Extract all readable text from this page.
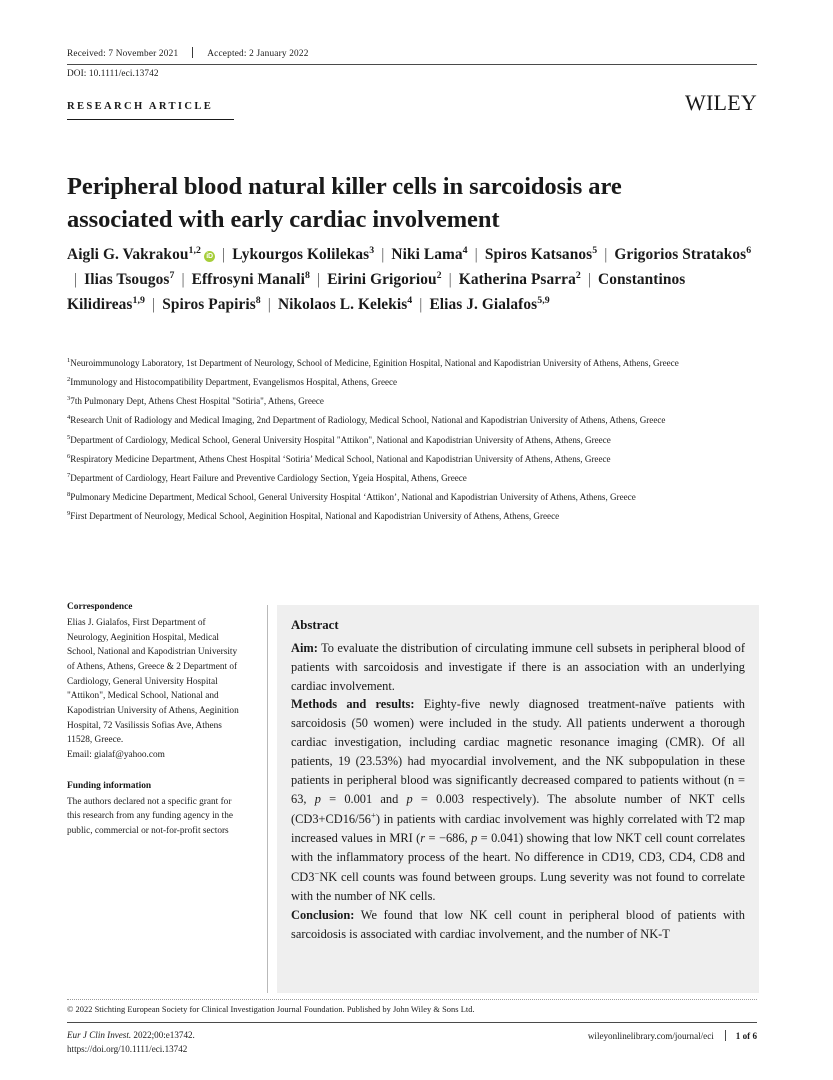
Received: 7 November 2021	Accepted: 2 January 2022
DOI: 10.1111/eci.13742
RESEARCH ARTICLE	WILEY
Peripheral blood natural killer cells in sarcoidosis are associated with early cardiac involvement
Aigli G. Vakrakou$^{1,2}$iD | Lykourgos Kolilekas$^3$ | Niki Lama$^4$ | Spiros Katsanos$^5$ | Grigorios Stratakos$^6$| Ilias Tsougos$^7$ | Effrosyni Manali$^8$ | Eirini Grigoriou$^2$ | Katherina Psarra$^2$ | Constantinos Kilidireas$^{1,9}$ | Spiros Papiris$^8$ | Nikolaos L. Kelekis$^4$ | Elias J. Gialafos$^{5,9}$
$^1$Neuroimmunology Laboratory, 1st Department of Neurology, School of Medicine, Eginition Hospital, National and Kapodistrian University of Athens, Athens, Greece
$^2$Immunology and Histocompatibility Department, Evangelismos Hospital, Athens, Greece
$^3$7th Pulmonary Dept, Athens Chest Hospital "Sotiria", Athens, Greece
$^4$Research Unit of Radiology and Medical Imaging, 2nd Department of Radiology, Medical School, National and Kapodistrian University of Athens, Athens, Greece
$^5$Department of Cardiology, Medical School, General University Hospital "Attikon", National and Kapodistrian University of Athens, Athens, Greece
$^6$Respiratory Medicine Department, Athens Chest Hospital ‘Sotiria’ Medical School, National and Kapodistrian University of Athens, Athens, Greece
$^7$Department of Cardiology, Heart Failure and Preventive Cardiology Section, Ygeia Hospital, Athens, Greece
$^8$Pulmonary Medicine Department, Medical School, General University Hospital ‘Attikon’, National and Kapodistrian University of Athens, Athens, Greece
$^9$First Department of Neurology, Medical School, Aeginition Hospital, National and Kapodistrian University of Athens, Athens, Greece
Correspondence
Elias J. Gialafos, First Department of Neurology, Aeginition Hospital, Medical School, National and Kapodistrian University of Athens, Athens, Greece & 2 Department of Cardiology, General University Hospital "Attikon", Medical School, National and Kapodistrian University of Athens, Aeginition Hospital, 72 Vasilissis Sofias Ave, Athens 11528, Greece.
Email: gialaf@yahoo.com
Funding information
The authors declared not a specific grant for this research from any funding agency in the public, commercial or not-for-profit sectors
Abstract

Aim: To evaluate the distribution of circulating immune cell subsets in peripheral blood of patients with sarcoidosis and investigate if there is an association with an underlying cardiac involvement.
Methods and results: Eighty-five newly diagnosed treatment-naïve patients with sarcoidosis (50 women) were included in the study. All patients underwent a thorough cardiac investigation, including cardiac magnetic resonance imaging (CMR). Of all patients, 19 (23.53%) had myocardial involvement, and the NK subpopulation in these patients in peripheral blood was significantly decreased compared to patients without (n = 63, p = 0.001 and p = 0.003 respectively). The absolute number of NKT cells (CD3+CD16/56+) in patients with cardiac involvement was highly correlated with T2 map increased values in MRI (r = −686, p = 0.041) showing that low NKT cell count correlates with the inflammatory process of the heart. No difference in CD19, CD3, CD4, CD8 and CD3−NK cell counts was found between groups. Lung severity was not found to correlate with the number of NK cells.
Conclusion: We found that low NK cell count in peripheral blood of patients with sarcoidosis is associated with cardiac involvement, and the number of NK-T

© 2022 Stichting European Society for Clinical Investigation Journal Foundation. Published by John Wiley & Sons Ltd.
Eur J Clin Invest. 2022;00:e13742.
https://doi.org/10.1111/eci.13742
wileyonlinelibrary.com/journal/eci 1 of 6
